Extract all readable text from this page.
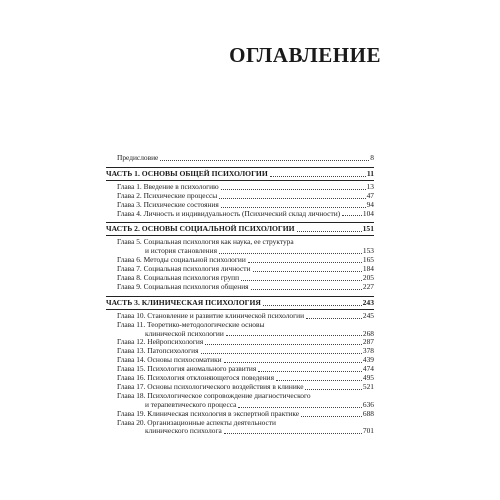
ОГЛАВЛЕНИЕ
Предисловие	8
ЧАСТЬ 1. ОСНОВЫ ОБЩЕЙ ПСИХОЛОГИИ	11
Глава 1. Введение в психологию	13
Глава 2. Психические процессы	47
Глава 3. Психические состояния	94
Глава 4. Личность и индивидуальность (Психический склад личности)	104
ЧАСТЬ 2. ОСНОВЫ СОЦИАЛЬНОЙ ПСИХОЛОГИИ	151
Глава 5. Социальная психология как наука, ее структура
и история становления	153
Глава 6. Методы социальной психологии	165
Глава 7. Социальная психология личности	184
Глава 8. Социальная психология групп	205
Глава 9. Социальная психология общения	227
ЧАСТЬ 3. КЛИНИЧЕСКАЯ ПСИХОЛОГИЯ	243
Глава 10. Становление и развитие клинической психологии	245
Глава 11. Теоретико-методологические основы
клинической психологии	268
Глава 12. Нейропсихология	287
Глава 13. Патопсихология	378
Глава 14. Основы психосоматики	439
Глава 15. Психология аномального развития	474
Глава 16. Психология отклоняющегося поведения	495
Глава 17. Основы психологического воздействия в клинике	521
Глава 18. Психологическое сопровождение диагностического
и терапевтического процесса	636
Глава 19. Клиническая психология в экспертной практике	688
Глава 20. Организационные аспекты деятельности
клинического психолога	701
